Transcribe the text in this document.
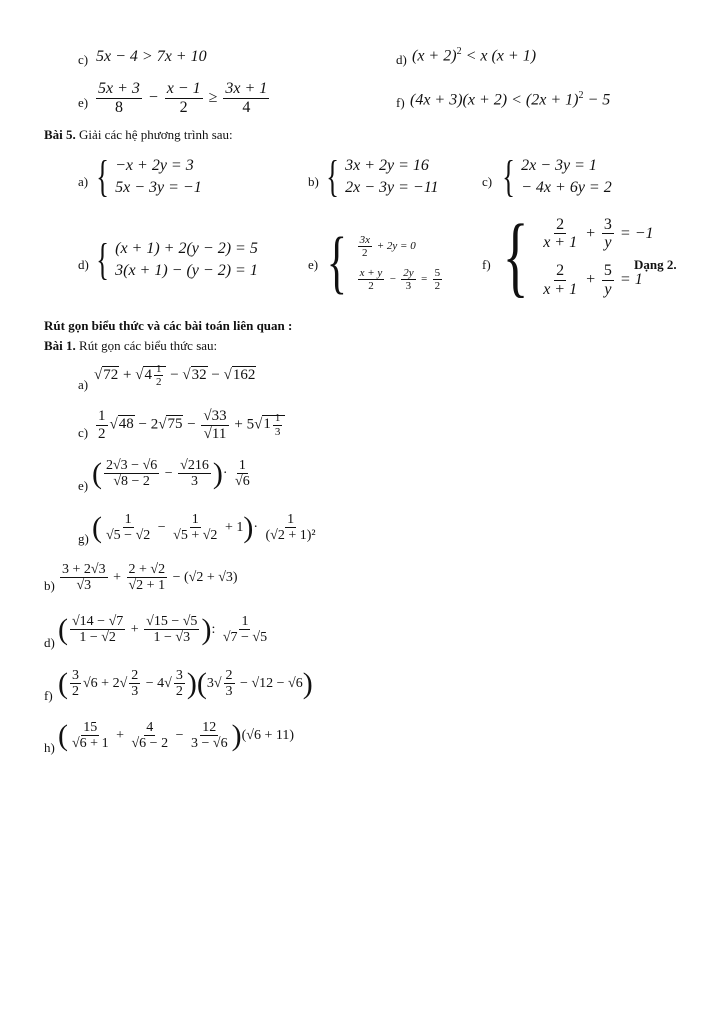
c) 5x − 4 > 7x + 10	d) $(x + 2)^2 < x$ (x + 1)
$e) \frac{5x + 3}{8} - \frac{x - 1}{2} \ge \frac{3x + 1}{4}$	f) $(4x + 3)(x + 2) < (2x + 1)^2 - 5$
Bài 5. Giải các hệ phương trình sau:
a) { −x + 2y = 3
5x − 3y = −1	b) { 3x + 2y = 16
2x − 3y = −11	c) { 2x − 3y = 1
− 4x + 6y = 2
d) { (x + 1) + 2(y − 2) = 5
3(x + 1) − (y − 2) = 1	e) { $\frac{3x}{2} + 2y = 0$
$\frac{x + y}{2} - \frac{2y}{3} = \frac{5}{2}$
f) { $\frac{2}{x + 1} + \frac{3}{y} = -1$
$\frac{2}{x + 1} + \frac{5}{y} = 1$
Dạng 2.
Rút gọn biểu thức và các bài toán liên quan :
Bài 1. Rút gọn các biểu thức sau:
a)
$√72 + √4 \frac{1}{2} - √32 - √162$
$c) \frac{1}{2} √48 - 2√75 - \frac{√33}{√11} + 5√1 \frac{1}{3}$
e) ( $\frac{2√3 - √6}{√8 - 2} - \frac{√216}{3}$ )· $\frac{1}{√6}$
g) ( $\frac{1}{√5 - √2} - \frac{1}{√5 + √2} + 1)\cdot \frac{1}{\text{(√2 + 1)²}}$
$b) \frac{3 + 2√3}{√3} + \frac{2 + √2}{√2 + 1} - (√2 + √3)$
d) ( $\frac{√14 - √7}{1 - √2} + \frac{√15 - √5}{1 - √3}$ ): $\frac{1}{√7 - √5}$
f) ( $\frac{3}{2} √6 + 2√ \frac{2}{3} - 4√ \frac{3}{2} )(3√ \frac{2}{3} - √12 - √6)$
h) ( $\frac{15}{√6 + 1} + \frac{4}{√6 - 2} - \frac{12}{3 - √6} )(√6 + 11)$
